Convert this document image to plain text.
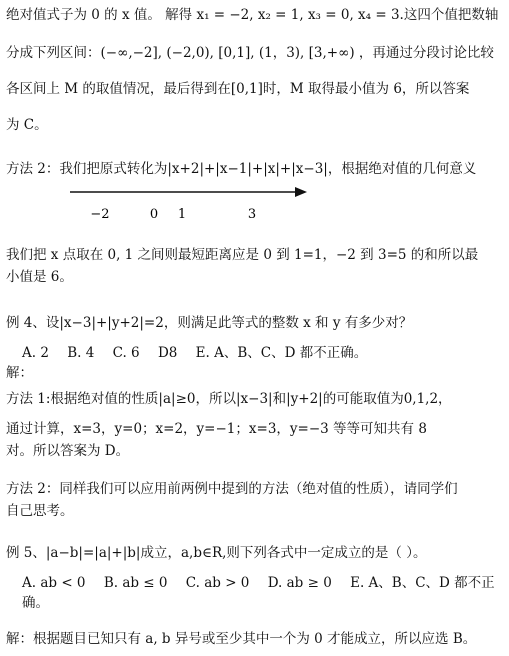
绝对值式子为 0 的 x 值。 解得 x₁ = −2, x₂ = 1, x₃ = 0, x₄ = 3.这四个值把数轴
分成下列区间：(−∞,−2], (−2,0), [0,1], (1，3), [3,+∞) ，再通过分段讨论比较
各区间上 M 的取值情况，最后得到在[0,1]时，M 取得最小值为 6，所以答案
为 C。
方法 2：我们把原式转化为|x+2|+|x−1|+|x|+|x−3|，根据绝对值的几何意义
−2	0 1	3
我们把 x 点取在 0, 1 之间则最短距离应是 0 到 1=1，−2 到 3=5 的和所以最
小值是 6。
例 4、设|x−3|+|y+2|=2，则满足此等式的整数 x 和 y 有多少对？
A. 2 B. 4 C. 6 D8 E. A、B、C、D 都不正确。
解：
方法 1:根据绝对值的性质|a|≥0，所以|x−3|和|y+2|的可能取值为0,1,2，
通过计算，x=3，y=0；x=2，y=−1；x=3，y=−3 等等可知共有 8
对。所以答案为 D。
方法 2：同样我们可以应用前两例中提到的方法（绝对值的性质），请同学们
自己思考。
例 5、|a−b|=|a|+|b|成立，a,b∈R,则下列各式中一定成立的是（ ）。
A. ab < 0 B. ab ≤ 0 C. ab > 0 D. ab ≥ 0 E. A、B、C、D 都不正
确。
解：根据题目已知只有 a, b 异号或至少其中一个为 0 才能成立，所以应选 B。
